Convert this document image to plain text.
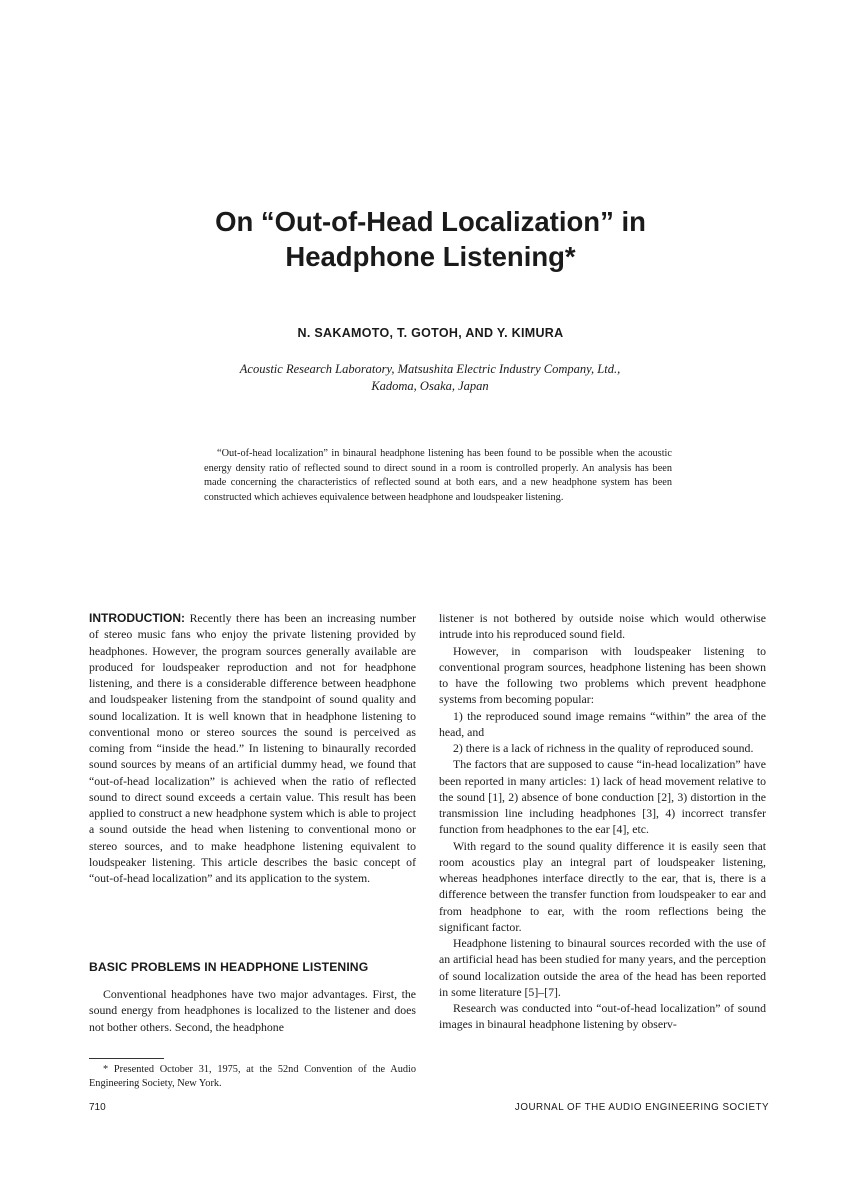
On “Out-of-Head Localization” in
Headphone Listening*
N. SAKAMOTO, T. GOTOH, AND Y. KIMURA
Acoustic Research Laboratory, Matsushita Electric Industry Company, Ltd.,
Kadoma, Osaka, Japan
“Out-of-head localization” in binaural headphone listening has been found to be possible when the acoustic energy density ratio of reflected sound to direct sound in a room is controlled properly. An analysis has been made concerning the characteristics of reflected sound at both ears, and a new headphone system has been constructed which achieves equivalence between headphone and loudspeaker listening.

INTRODUCTION: Recently there has been an increasing number of stereo music fans who enjoy the private listening provided by headphones. However, the program sources generally available are produced for loudspeaker reproduction and not for headphone listening, and there is a considerable difference between headphone and loudspeaker listening from the standpoint of sound quality and sound localization. It is well known that in headphone listening to conventional mono or stereo sources the sound is perceived as coming from “inside the head.” In listening to binaurally recorded sound sources by means of an artificial dummy head, we found that “out-of-head localization” is achieved when the ratio of reflected sound to direct sound exceeds a certain value. This result has been applied to construct a new headphone system which is able to project a sound outside the head when listening to conventional mono or stereo sources, and to make headphone listening equivalent to loudspeaker listening. This article describes the basic concept of “out-of-head localization” and its application to the system.

BASIC PROBLEMS IN HEADPHONE LISTENING
Conventional headphones have two major advantages. First, the sound energy from headphones is localized to the listener and does not bother others. Second, the headphone

listener is not bothered by outside noise which would otherwise intrude into his reproduced sound field.

However, in comparison with loudspeaker listening to conventional program sources, headphone listening has been shown to have the following two problems which prevent headphone systems from becoming popular:

1) the reproduced sound image remains “within” the area of the head, and

2) there is a lack of richness in the quality of reproduced sound.

The factors that are supposed to cause “in-head localization” have been reported in many articles: 1) lack of head movement relative to the sound [1], 2) absence of bone conduction [2], 3) distortion in the transmission line including headphones [3], 4) incorrect transfer function from headphones to the ear [4], etc.

With regard to the sound quality difference it is easily seen that room acoustics play an integral part of loudspeaker listening, whereas headphones interface directly to the ear, that is, there is a difference between the transfer function from loudspeaker to ear and from headphone to ear, with the room reflections being the significant factor.

Headphone listening to binaural sources recorded with the use of an artificial head has been studied for many years, and the perception of sound localization outside the area of the head has been reported in some literature [5]–[7].

Research was conducted into “out-of-head localization” of sound images in binaural headphone listening by observ-

* Presented October 31, 1975, at the 52nd Convention of the Audio Engineering Society, New York.
710	JOURNAL OF THE AUDIO ENGINEERING SOCIETY
